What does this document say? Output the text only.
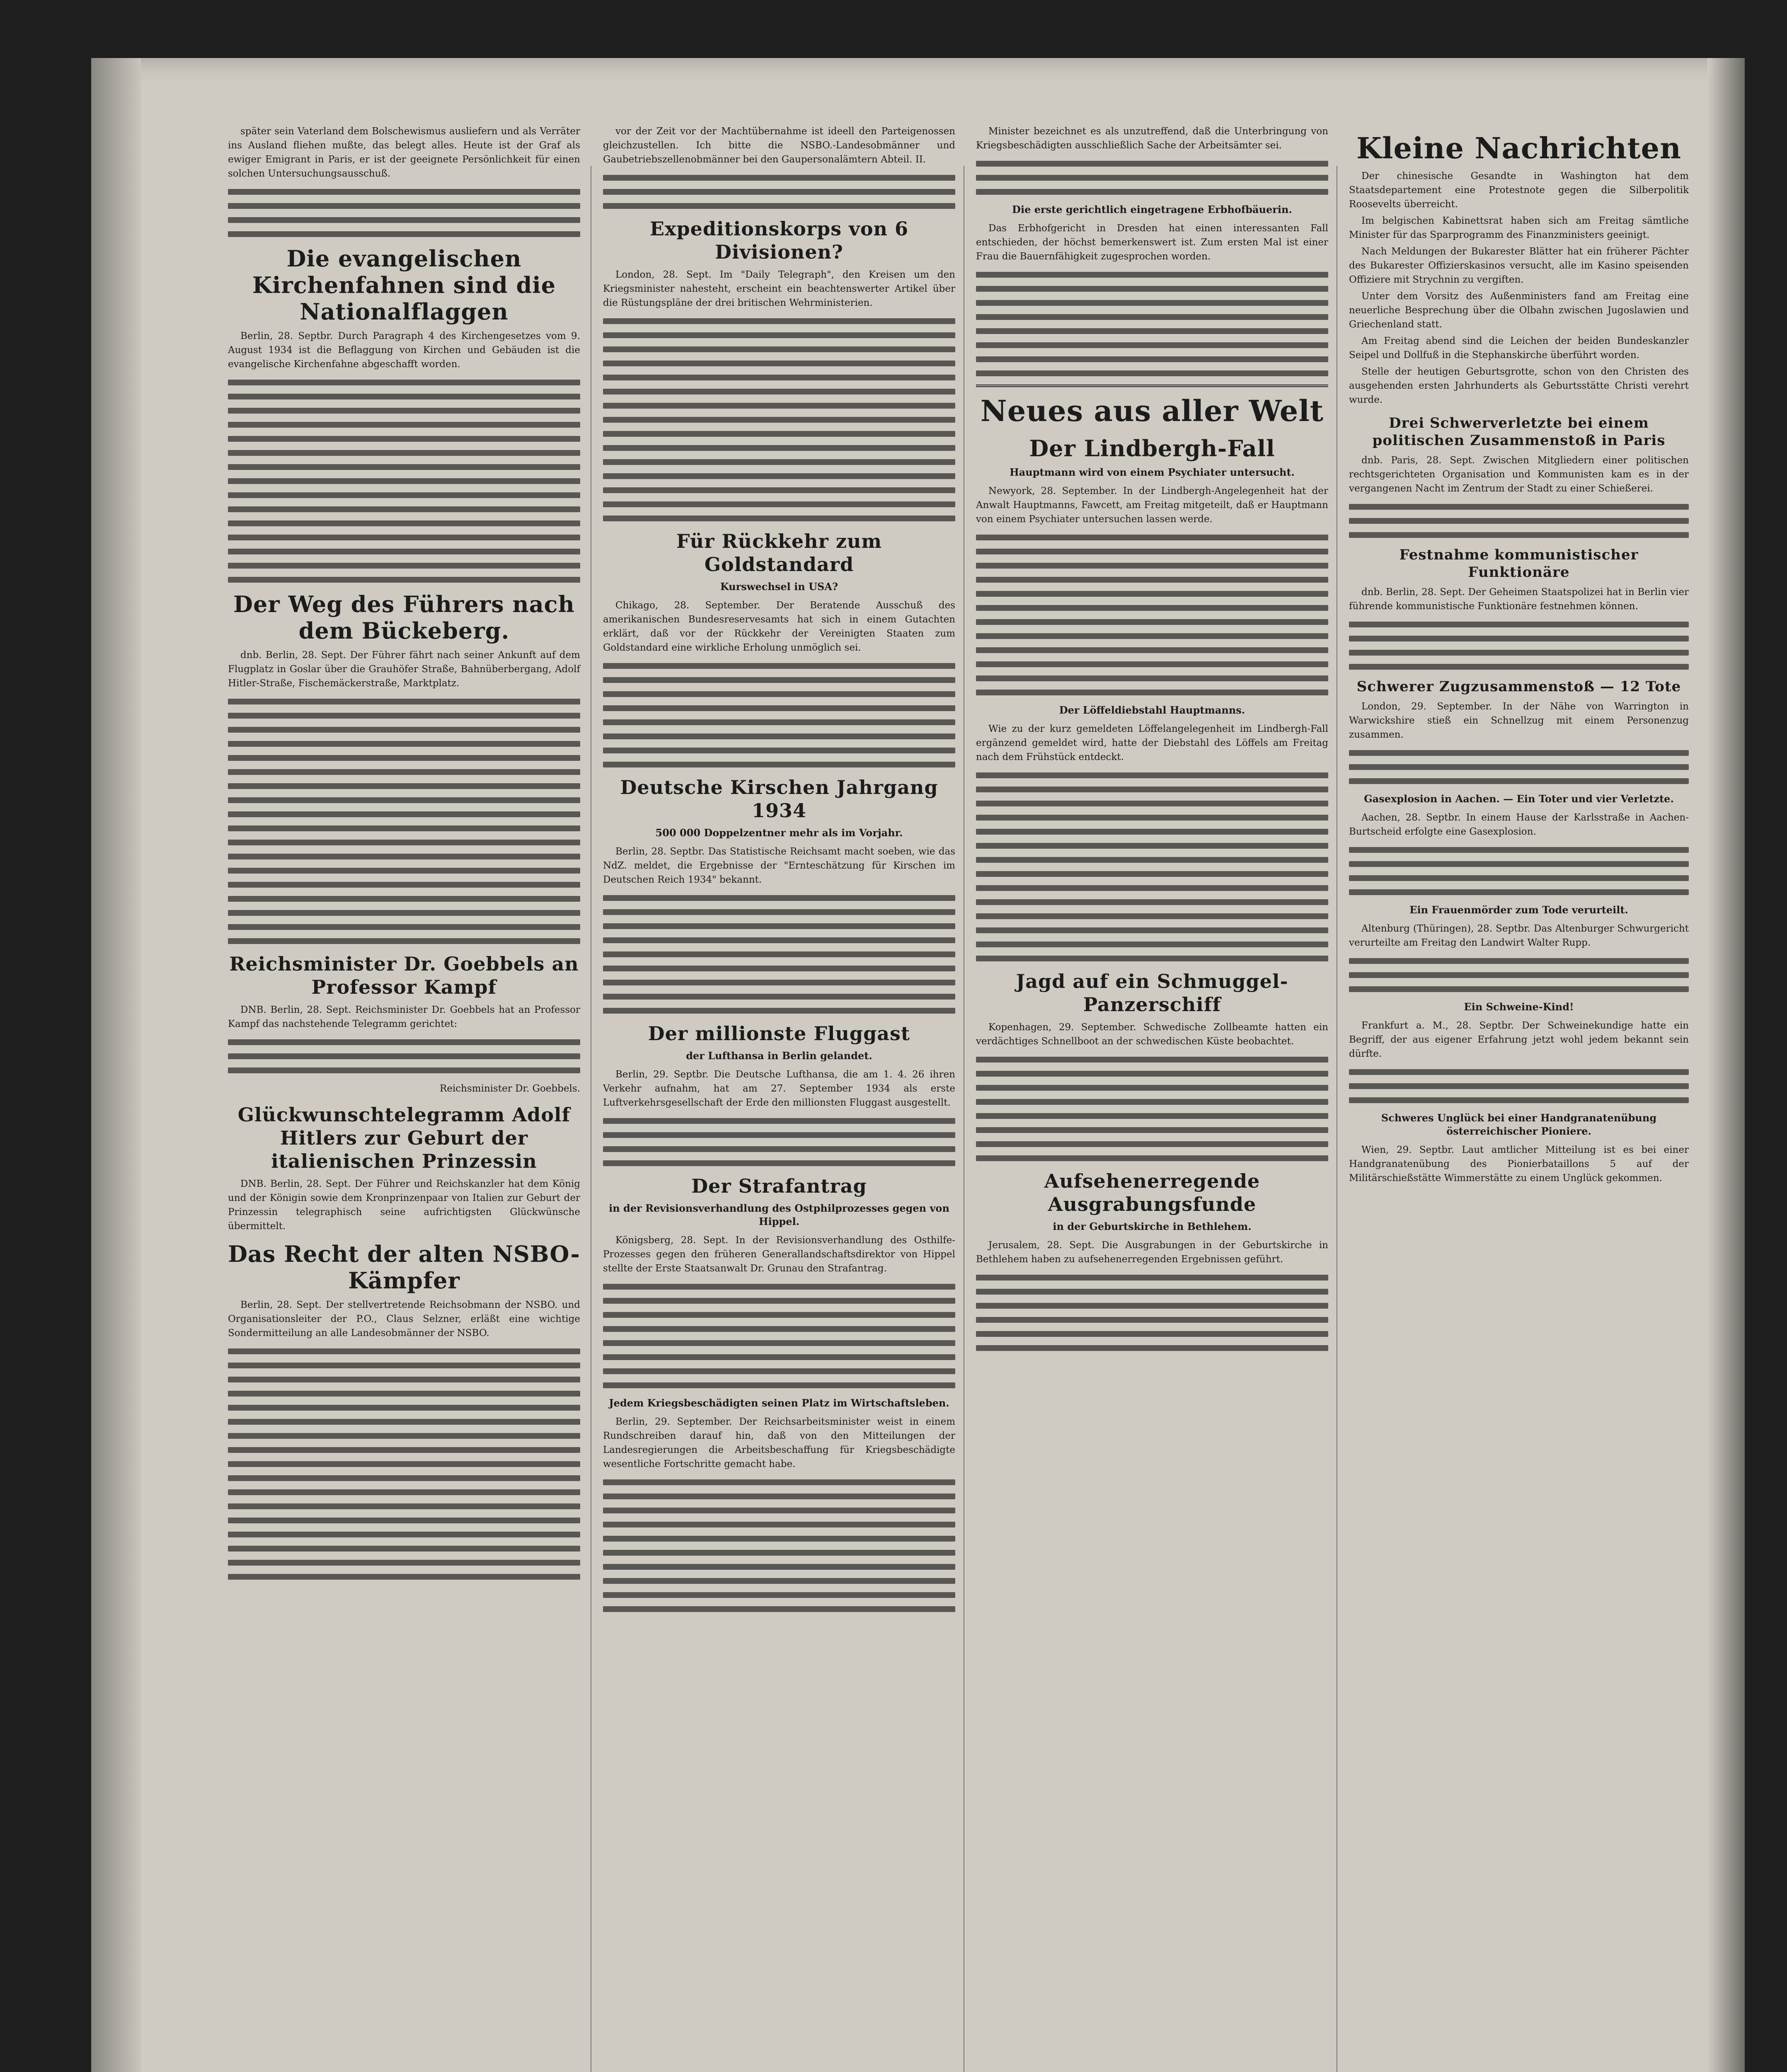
später sein Vaterland dem Bolschewismus ausliefern und als Verräter ins Ausland fliehen mußte, das belegt alles. Heute ist der Graf als ewiger Emigrant in Paris, er ist der geeignete Persönlichkeit für einen solchen Untersuchungsausschuß.

Die evangelischen Kirchenfahnen sind die Nationalflaggen

Berlin, 28. Septbr. Durch Paragraph 4 des Kirchengesetzes vom 9. August 1934 ist die Beflaggung von Kirchen und Gebäuden ist die evangelische Kirchenfahne abgeschafft worden.

Der Weg des Führers nach dem Bückeberg.

dnb. Berlin, 28. Sept. Der Führer fährt nach seiner Ankunft auf dem Flugplatz in Goslar über die Grauhöfer Straße, Bahnüberbergang, Adolf Hitler-Straße, Fischemäckerstraße, Marktplatz.

Reichsminister Dr. Goebbels an Professor Kampf

DNB. Berlin, 28. Sept. Reichsminister Dr. Goebbels hat an Professor Kampf das nachstehende Telegramm gerichtet:

Reichsminister Dr. Goebbels.

Glückwunschtelegramm Adolf Hitlers zur Geburt der italienischen Prinzessin

DNB. Berlin, 28. Sept. Der Führer und Reichskanzler hat dem König und der Königin sowie dem Kronprinzenpaar von Italien zur Geburt der Prinzessin telegraphisch seine aufrichtigsten Glückwünsche übermittelt.

Das Recht der alten NSBO-Kämpfer

Berlin, 28. Sept. Der stellvertretende Reichsobmann der NSBO. und Organisationsleiter der P.O., Claus Selzner, erläßt eine wichtige Sondermitteilung an alle Landesobmänner der NSBO.

vor der Zeit vor der Machtübernahme ist ideell den Parteigenossen gleichzustellen. Ich bitte die NSBO.-Landesobmänner und Gaubetriebszellenobmänner bei den Gaupersonalämtern Abteil. II.

Expeditionskorps von 6 Divisionen?

London, 28. Sept. Im "Daily Telegraph", den Kreisen um den Kriegsminister nahesteht, erscheint ein beachtenswerter Artikel über die Rüstungspläne der drei britischen Wehrministerien.

Für Rückkehr zum Goldstandard
Kurswechsel in USA?

Chikago, 28. September. Der Beratende Ausschuß des amerikanischen Bundesreservesamts hat sich in einem Gutachten erklärt, daß vor der Rückkehr der Vereinigten Staaten zum Goldstandard eine wirkliche Erholung unmöglich sei.

Deutsche Kirschen Jahrgang 1934
500 000 Doppelzentner mehr als im Vorjahr.

Berlin, 28. Septbr. Das Statistische Reichsamt macht soeben, wie das NdZ. meldet, die Ergebnisse der "Ernteschätzung für Kirschen im Deutschen Reich 1934" bekannt.

Der millionste Fluggast
der Lufthansa in Berlin gelandet.

Berlin, 29. Septbr. Die Deutsche Lufthansa, die am 1. 4. 26 ihren Verkehr aufnahm, hat am 27. September 1934 als erste Luftverkehrsgesellschaft der Erde den millionsten Fluggast ausgestellt.

Der Strafantrag
in der Revisionsverhandlung des Ostphilprozesses gegen von Hippel.

Königsberg, 28. Sept. In der Revisionsverhandlung des Osthilfe-Prozesses gegen den früheren Generallandschaftsdirektor von Hippel stellte der Erste Staatsanwalt Dr. Grunau den Strafantrag.

Jedem Kriegsbeschädigten seinen Platz im Wirtschaftsleben.

Berlin, 29. September. Der Reichsarbeitsminister weist in einem Rundschreiben darauf hin, daß von den Mitteilungen der Landesregierungen die Arbeitsbeschaffung für Kriegsbeschädigte wesentliche Fortschritte gemacht habe.

Minister bezeichnet es als unzutreffend, daß die Unterbringung von Kriegsbeschädigten ausschließlich Sache der Arbeitsämter sei.

Die erste gerichtlich eingetragene Erbhofbäuerin.

Das Erbhofgericht in Dresden hat einen interessanten Fall entschieden, der höchst bemerkenswert ist. Zum ersten Mal ist einer Frau die Bauernfähigkeit zugesprochen worden.

Neues aus aller Welt
Der Lindbergh-Fall
Hauptmann wird von einem Psychiater untersucht.

Newyork, 28. September. In der Lindbergh-Angelegenheit hat der Anwalt Hauptmanns, Fawcett, am Freitag mitgeteilt, daß er Hauptmann von einem Psychiater untersuchen lassen werde.

Der Löffeldiebstahl Hauptmanns.

Wie zu der kurz gemeldeten Löffelangelegenheit im Lindbergh-Fall ergänzend gemeldet wird, hatte der Diebstahl des Löffels am Freitag nach dem Frühstück entdeckt.

Jagd auf ein Schmuggel-Panzerschiff

Kopenhagen, 29. September. Schwedische Zollbeamte hatten ein verdächtiges Schnellboot an der schwedischen Küste beobachtet.

Aufsehenerregende Ausgrabungsfunde
in der Geburtskirche in Bethlehem.

Jerusalem, 28. Sept. Die Ausgrabungen in der Geburtskirche in Bethlehem haben zu aufsehenerregenden Ergebnissen geführt.

Kleine Nachrichten

Der chinesische Gesandte in Washington hat dem Staatsdepartement eine Protestnote gegen die Silberpolitik Roosevelts überreicht.

Im belgischen Kabinettsrat haben sich am Freitag sämtliche Minister für das Sparprogramm des Finanzministers geeinigt.

Nach Meldungen der Bukarester Blätter hat ein früherer Pächter des Bukarester Offizierskasinos versucht, alle im Kasino speisenden Offiziere mit Strychnin zu vergiften.

Unter dem Vorsitz des Außenministers fand am Freitag eine neuerliche Besprechung über die Olbahn zwischen Jugoslawien und Griechenland statt.

Am Freitag abend sind die Leichen der beiden Bundeskanzler Seipel und Dollfuß in die Stephanskirche überführt worden.

Stelle der heutigen Geburtsgrotte, schon von den Christen des ausgehenden ersten Jahrhunderts als Geburtsstätte Christi verehrt wurde.

Drei Schwerverletzte bei einem politischen Zusammenstoß in Paris

dnb. Paris, 28. Sept. Zwischen Mitgliedern einer politischen rechtsgerichteten Organisation und Kommunisten kam es in der vergangenen Nacht im Zentrum der Stadt zu einer Schießerei.

Festnahme kommunistischer Funktionäre

dnb. Berlin, 28. Sept. Der Geheimen Staatspolizei hat in Berlin vier führende kommunistische Funktionäre festnehmen können.

Schwerer Zugzusammenstoß — 12 Tote

London, 29. September. In der Nähe von Warrington in Warwickshire stieß ein Schnellzug mit einem Personenzug zusammen.

Gasexplosion in Aachen. — Ein Toter und vier Verletzte.

Aachen, 28. Septbr. In einem Hause der Karlsstraße in Aachen-Burtscheid erfolgte eine Gasexplosion.

Ein Frauenmörder zum Tode verurteilt.

Altenburg (Thüringen), 28. Septbr. Das Altenburger Schwurgericht verurteilte am Freitag den Landwirt Walter Rupp.

Ein Schweine-Kind!

Frankfurt a. M., 28. Septbr. Der Schweinekundige hatte ein Begriff, der aus eigener Erfahrung jetzt wohl jedem bekannt sein dürfte.

Schweres Unglück bei einer Handgranatenübung österreichischer Pioniere.

Wien, 29. Septbr. Laut amtlicher Mitteilung ist es bei einer Handgranatenübung des Pionierbataillons 5 auf der Militärschießstätte Wimmerstätte zu einem Unglück gekommen.
